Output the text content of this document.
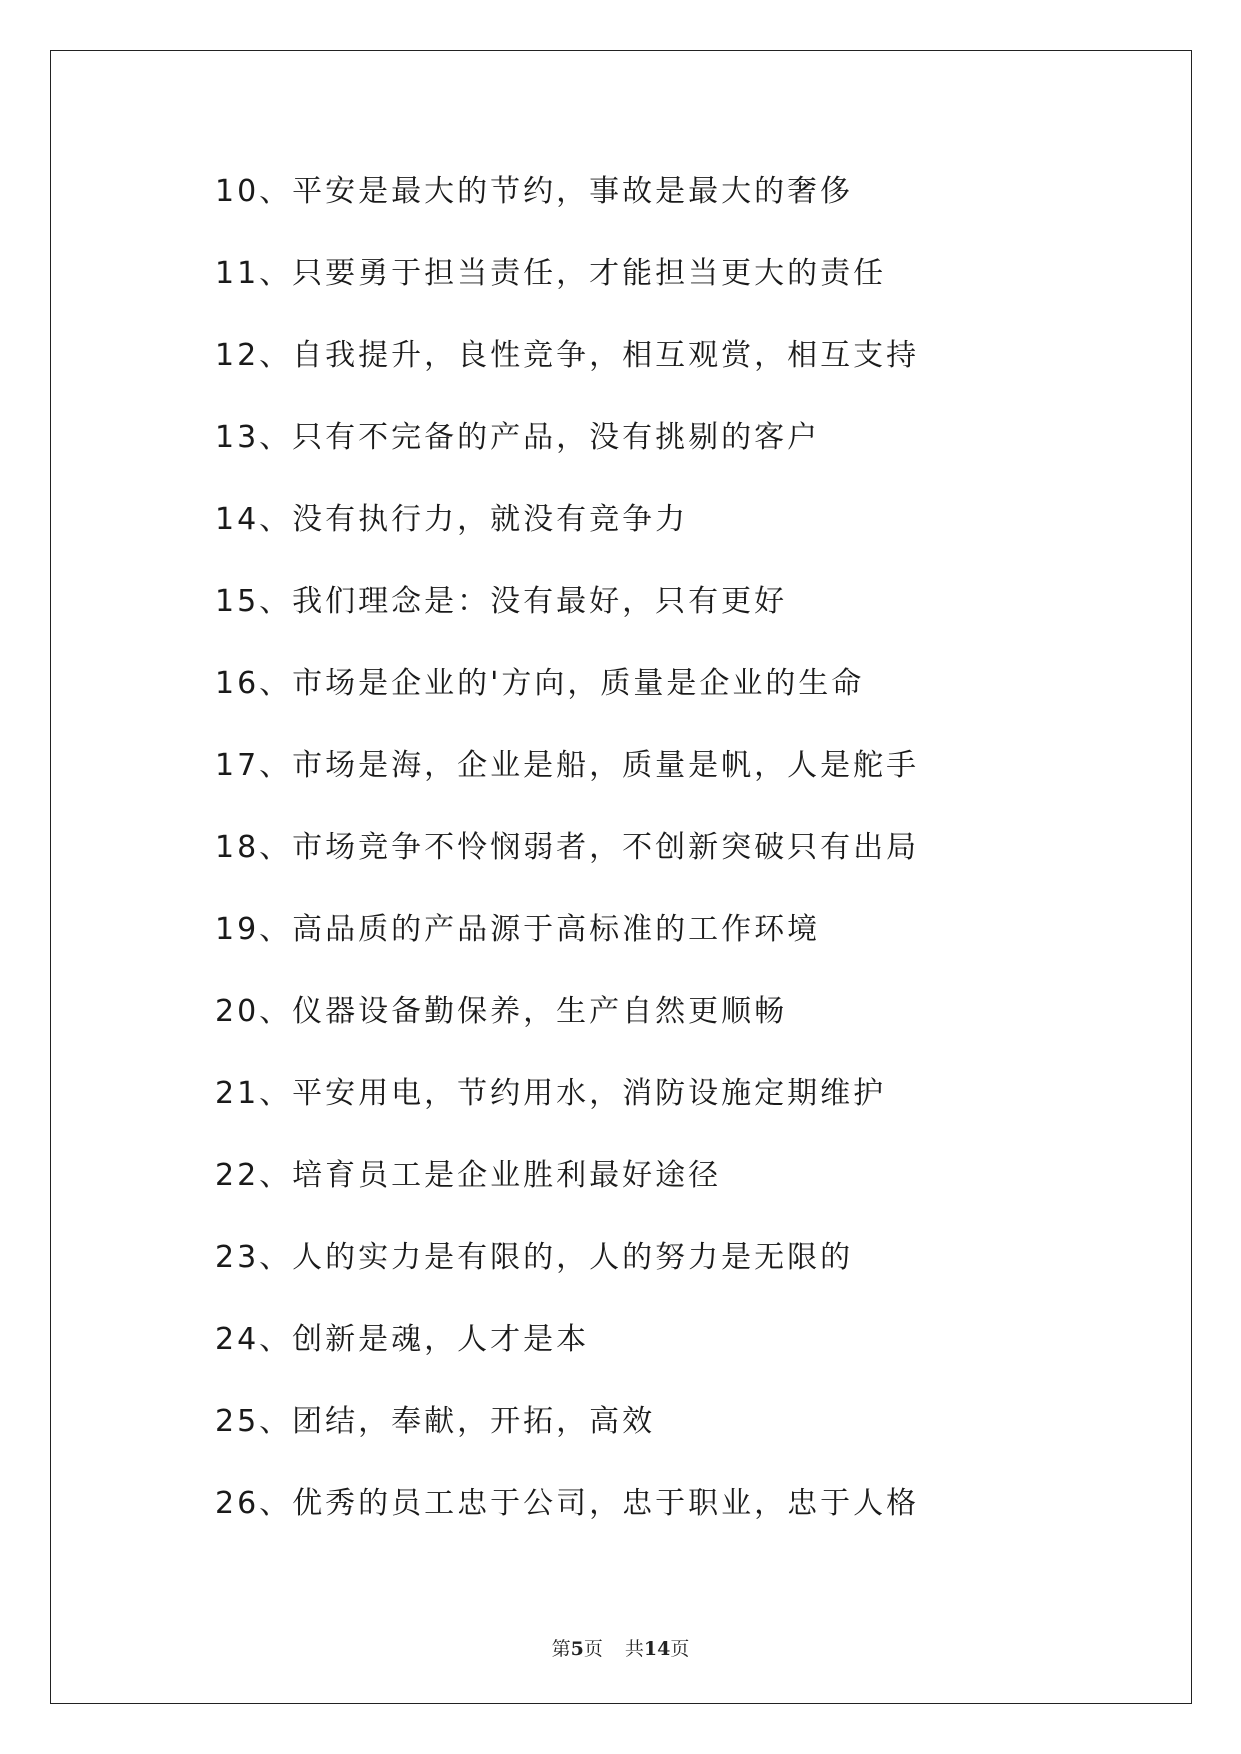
10、平安是最大的节约，事故是最大的奢侈
11、只要勇于担当责任，才能担当更大的责任
12、自我提升，良性竞争，相互观赏，相互支持
13、只有不完备的产品，没有挑剔的客户
14、没有执行力，就没有竞争力
15、我们理念是：没有最好，只有更好
16、市场是企业的'方向，质量是企业的生命
17、市场是海，企业是船，质量是帆，人是舵手
18、市场竞争不怜悯弱者，不创新突破只有出局
19、高品质的产品源于高标准的工作环境
20、仪器设备勤保养，生产自然更顺畅
21、平安用电，节约用水，消防设施定期维护
22、培育员工是企业胜利最好途径
23、人的实力是有限的，人的努力是无限的
24、创新是魂，人才是本
25、团结，奉献，开拓，高效
26、优秀的员工忠于公司，忠于职业，忠于人格
第5页 共14页
